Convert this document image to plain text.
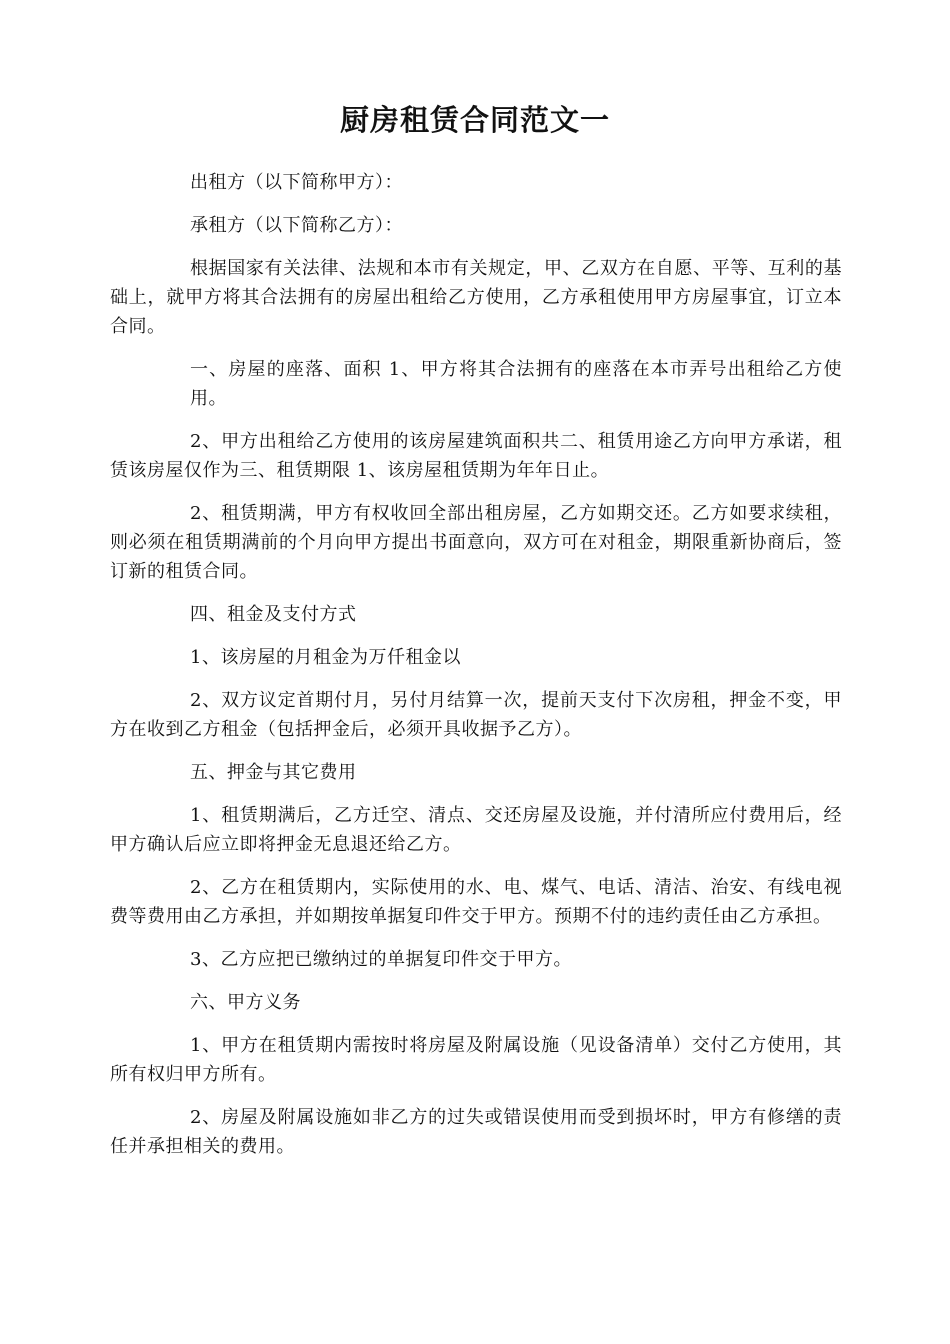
厨房租赁合同范文一

出租方（以下简称甲方）：

承租方（以下简称乙方）：

根据国家有关法律、法规和本市有关规定，甲、乙双方在自愿、平等、互利的基础上，就甲方将其合法拥有的房屋出租给乙方使用，乙方承租使用甲方房屋事宜，订立本合同。

一、房屋的座落、面积 1、甲方将其合法拥有的座落在本市弄号出租给乙方使用。

2、甲方出租给乙方使用的该房屋建筑面积共二、租赁用途乙方向甲方承诺，租赁该房屋仅作为三、租赁期限 1、该房屋租赁期为年年日止。

2、租赁期满，甲方有权收回全部出租房屋，乙方如期交还。乙方如要求续租，则必须在租赁期满前的个月向甲方提出书面意向，双方可在对租金，期限重新协商后，签订新的租赁合同。

四、租金及支付方式

1、该房屋的月租金为万仟租金以

2、双方议定首期付月，另付月结算一次，提前天支付下次房租，押金不变，甲方在收到乙方租金（包括押金后，必须开具收据予乙方）。

五、押金与其它费用

1、租赁期满后，乙方迁空、清点、交还房屋及设施，并付清所应付费用后，经甲方确认后应立即将押金无息退还给乙方。

2、乙方在租赁期内，实际使用的水、电、煤气、电话、清洁、治安、有线电视费等费用由乙方承担，并如期按单据复印件交于甲方。预期不付的违约责任由乙方承担。

3、乙方应把已缴纳过的单据复印件交于甲方。

六、甲方义务

1、甲方在租赁期内需按时将房屋及附属设施（见设备清单）交付乙方使用，其所有权归甲方所有。

2、房屋及附属设施如非乙方的过失或错误使用而受到损坏时，甲方有修缮的责任并承担相关的费用。
